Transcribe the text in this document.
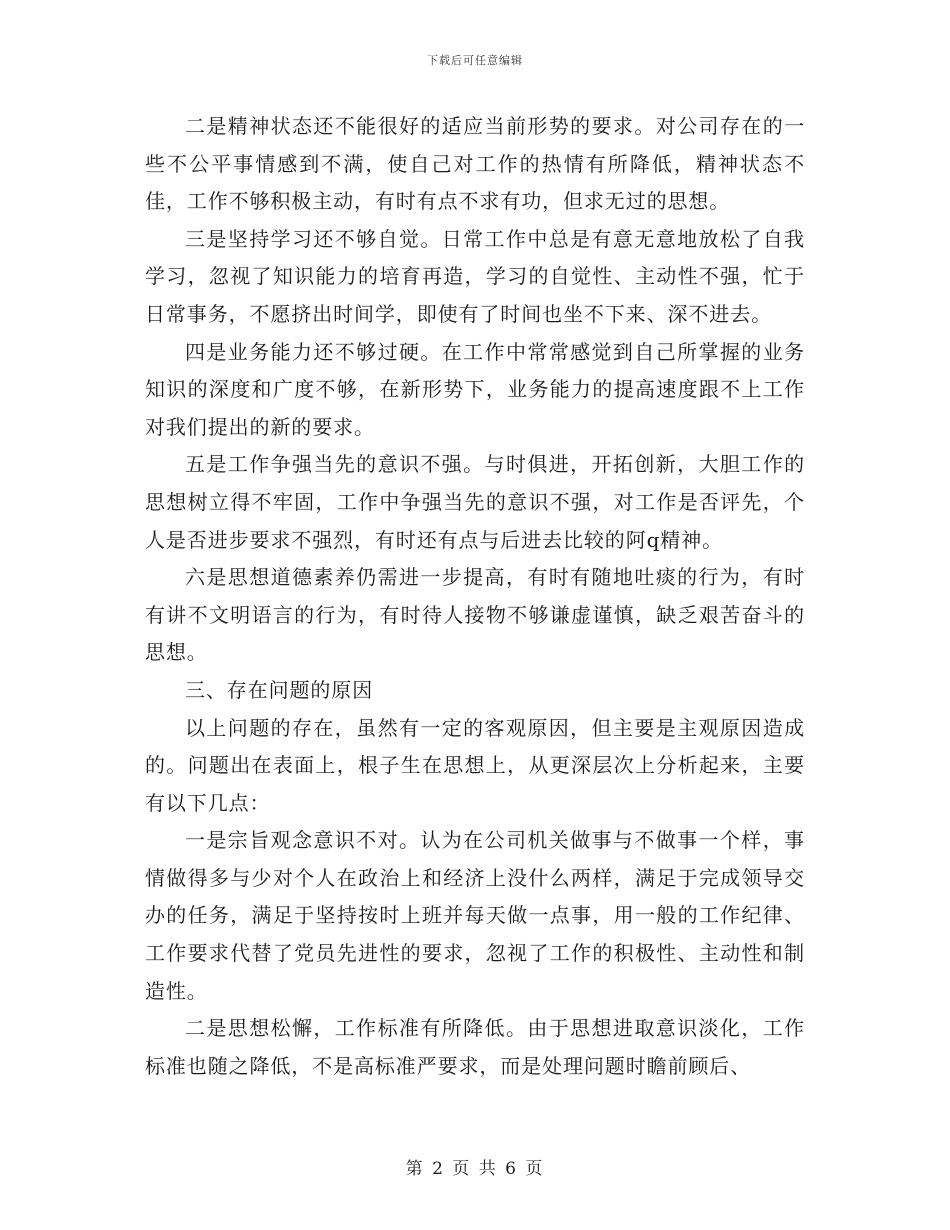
下载后可任意编辑

二是精神状态还不能很好的适应当前形势的要求。对公司存在的一些不公平事情感到不满，使自己对工作的热情有所降低，精神状态不佳，工作不够积极主动，有时有点不求有功，但求无过的思想。

三是坚持学习还不够自觉。日常工作中总是有意无意地放松了自我学习，忽视了知识能力的培育再造，学习的自觉性、主动性不强，忙于日常事务，不愿挤出时间学，即使有了时间也坐不下来、深不进去。

四是业务能力还不够过硬。在工作中常常感觉到自己所掌握的业务知识的深度和广度不够，在新形势下，业务能力的提高速度跟不上工作对我们提出的新的要求。

五是工作争强当先的意识不强。与时俱进，开拓创新，大胆工作的思想树立得不牢固，工作中争强当先的意识不强，对工作是否评先，个人是否进步要求不强烈，有时还有点与后进去比较的阿q精神。

六是思想道德素养仍需进一步提高，有时有随地吐痰的行为，有时有讲不文明语言的行为，有时待人接物不够谦虚谨慎，缺乏艰苦奋斗的思想。

三、存在问题的原因

以上问题的存在，虽然有一定的客观原因，但主要是主观原因造成的。问题出在表面上，根子生在思想上，从更深层次上分析起来，主要有以下几点：

一是宗旨观念意识不对。认为在公司机关做事与不做事一个样，事情做得多与少对个人在政治上和经济上没什么两样，满足于完成领导交办的任务，满足于坚持按时上班并每天做一点事，用一般的工作纪律、工作要求代替了党员先进性的要求，忽视了工作的积极性、主动性和制造性。

二是思想松懈，工作标准有所降低。由于思想进取意识淡化，工作标准也随之降低，不是高标准严要求，而是处理问题时瞻前顾后、

第 2 页 共 6 页
